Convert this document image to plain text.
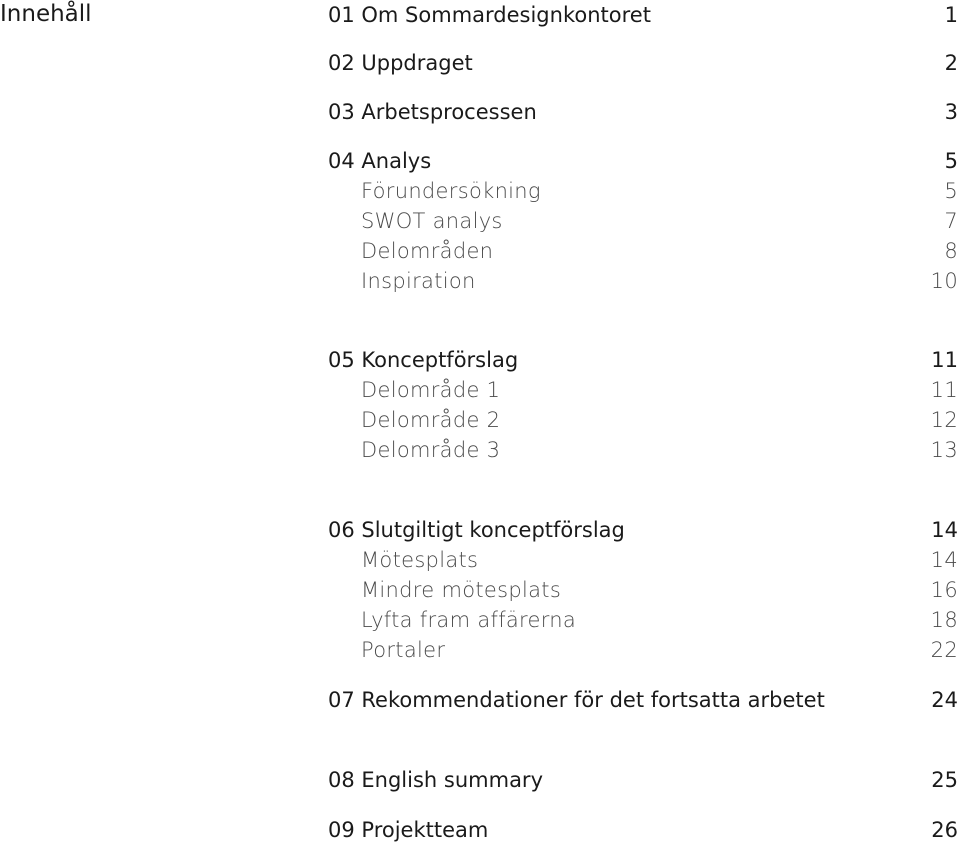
Innehåll	01 Om Sommardesignkontoret	1
02 Uppdraget	2
03 Arbetsprocessen	3
04 Analys	5
Förundersökning	5
SWOT analys	7
Delområden	8
Inspiration	10
05 Konceptförslag	11
Delområde 1	11
Delområde 2	12
Delområde 3	13
06 Slutgiltigt konceptförslag	14
Mötesplats	14
Mindre mötesplats	16
Lyfta fram affärerna	18
Portaler	22
07 Rekommendationer för det fortsatta arbetet	24
08 English summary	25
09 Projektteam	26
